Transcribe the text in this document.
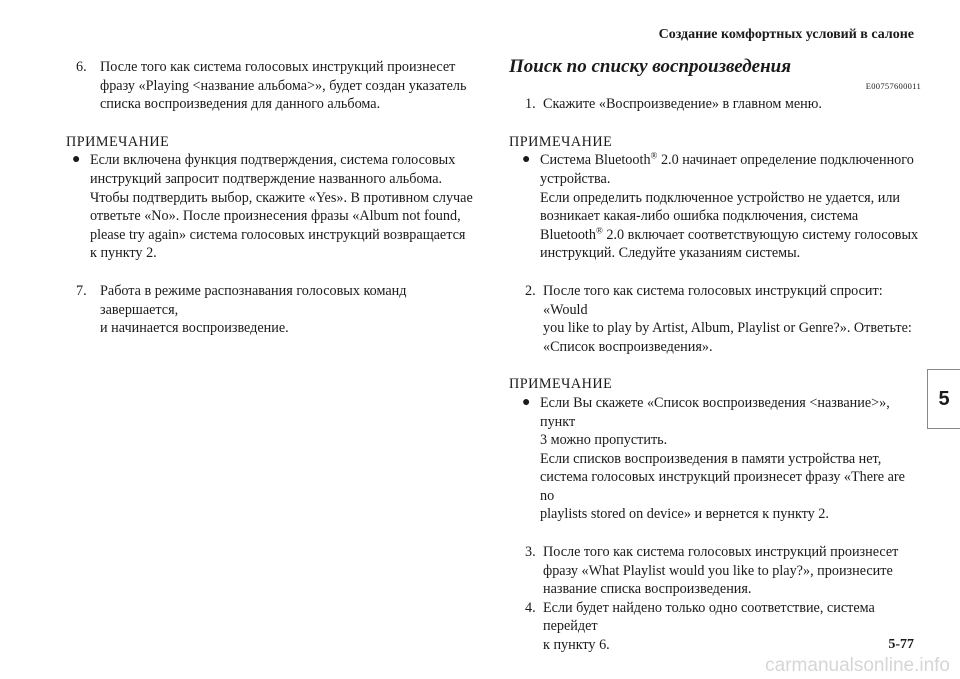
Создание комфортных условий в салоне
6. После того как система голосовых инструкций произнесет
фразу «Playing <название альбома>», будет создан указатель
списка воспроизведения для данного альбома.
ПРИМЕЧАНИЕ
● Если включена функция подтверждения, система голосовых
инструкций запросит подтверждение названного альбома.
Чтобы подтвердить выбор, скажите «Yes». В противном случае
ответьте «No». После произнесения фразы «Album not found,
please try again» система голосовых инструкций возвращается
к пункту 2.
7. Работа в режиме распознавания голосовых команд завершается,
и начинается воспроизведение.
Поиск по списку воспроизведения
E00757600011
1. Скажите «Воспроизведение» в главном меню.
ПРИМЕЧАНИЕ
● Система Bluetooth® 2.0 начинает определение подключенного
устройства.
Если определить подключенное устройство не удается, или
возникает какая-либо ошибка подключения, система
Bluetooth® 2.0 включает соответствующую систему голосовых
инструкций. Следуйте указаниям системы.
2. После того как система голосовых инструкций спросит: «Would
you like to play by Artist, Album, Playlist or Genre?». Ответьте:
«Список воспроизведения».
ПРИМЕЧАНИЕ
● Если Вы скажете «Список воспроизведения <название>», пункт
3 можно пропустить.
Если списков воспроизведения в памяти устройства нет,
система голосовых инструкций произнесет фразу «There are no
playlists stored on device» и вернется к пункту 2.
3. После того как система голосовых инструкций произнесет
фразу «What Playlist would you like to play?», произнесите
название списка воспроизведения.
4. Если будет найдено только одно соответствие, система перейдет
к пункту 6.
5
5-77
carmanualsonline.info
